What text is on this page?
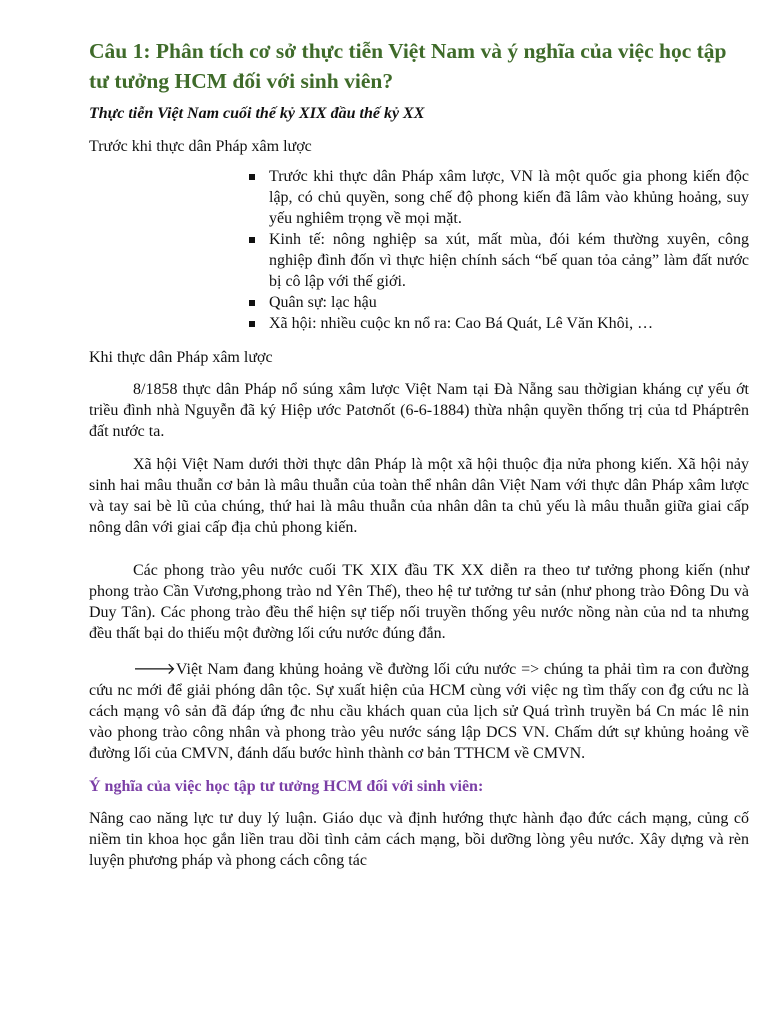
Câu 1: Phân tích cơ sở thực tiễn Việt Nam và ý nghĩa của việc học tập tư tưởng HCM đối với sinh viên?

Thực tiễn Việt Nam cuối thế kỷ XIX đầu thế kỷ XX

Trước khi thực dân Pháp xâm lược

Trước khi thực dân Pháp xâm lược, VN là một quốc gia phong kiến độc lập, có chủ quyền, song chế độ phong kiến đã lâm vào khủng hoảng, suy yếu nghiêm trọng về mọi mặt.
Kinh tế: nông nghiệp sa xút, mất mùa, đói kém thường xuyên, công nghiệp đình đốn vì thực hiện chính sách “bế quan tỏa cảng” làm đất nước bị cô lập với thế giới.
Quân sự: lạc hậu
Xã hội: nhiều cuộc kn nổ ra: Cao Bá Quát, Lê Văn Khôi, …

Khi thực dân Pháp xâm lược

8/1858 thực dân Pháp nổ súng xâm lược Việt Nam tại Đà Nẵng sau thờigian kháng cự yếu ớt triều đình nhà Nguyễn đã ký Hiệp ước Patơnốt (6-6-1884) thừa nhận quyền thống trị của td Pháptrên đất nước ta.

Xã hội Việt Nam dưới thời thực dân Pháp là một xã hội thuộc địa nửa phong kiến. Xã hội nảy sinh hai mâu thuẫn cơ bản là mâu thuẫn của toàn thể nhân dân Việt Nam với thực dân Pháp xâm lược và tay sai bè lũ của chúng, thứ hai là mâu thuẫn của nhân dân ta chủ yếu là mâu thuẫn giữa giai cấp nông dân với giai cấp địa chủ phong kiến.

Các phong trào yêu nước cuối TK XIX đầu TK XX diễn ra theo tư tưởng phong kiến (như phong trào Cần Vương,phong trào nd Yên Thế), theo hệ tư tưởng tư sản (như phong trào Đông Du và Duy Tân). Các phong trào đều thể hiện sự tiếp nối truyền thống yêu nước nồng nàn của nd ta nhưng đều thất bại do thiếu một đường lối cứu nước đúng đắn.

🡒Việt Nam đang khủng hoảng về đường lối cứu nước => chúng ta phải tìm ra con đường cứu nc mới để giải phóng dân tộc. Sự xuất hiện của HCM cùng với việc ng tìm thấy con đg cứu nc là cách mạng vô sản đã đáp ứng đc nhu cầu khách quan của lịch sử Quá trình truyền bá Cn mác lê nin vào phong trào công nhân và phong trào yêu nước sáng lập DCS VN. Chấm dứt sự khủng hoảng về đường lối của CMVN, đánh dấu bước hình thành cơ bản TTHCM về CMVN.

Ý nghĩa của việc học tập tư tưởng HCM đối với sinh viên:

Nâng cao năng lực tư duy lý luận. Giáo dục và định hướng thực hành đạo đức cách mạng, củng cố niềm tin khoa học gắn liền trau dồi tình cảm cách mạng, bồi dưỡng lòng yêu nước. Xây dựng và rèn luyện phương pháp và phong cách công tác
